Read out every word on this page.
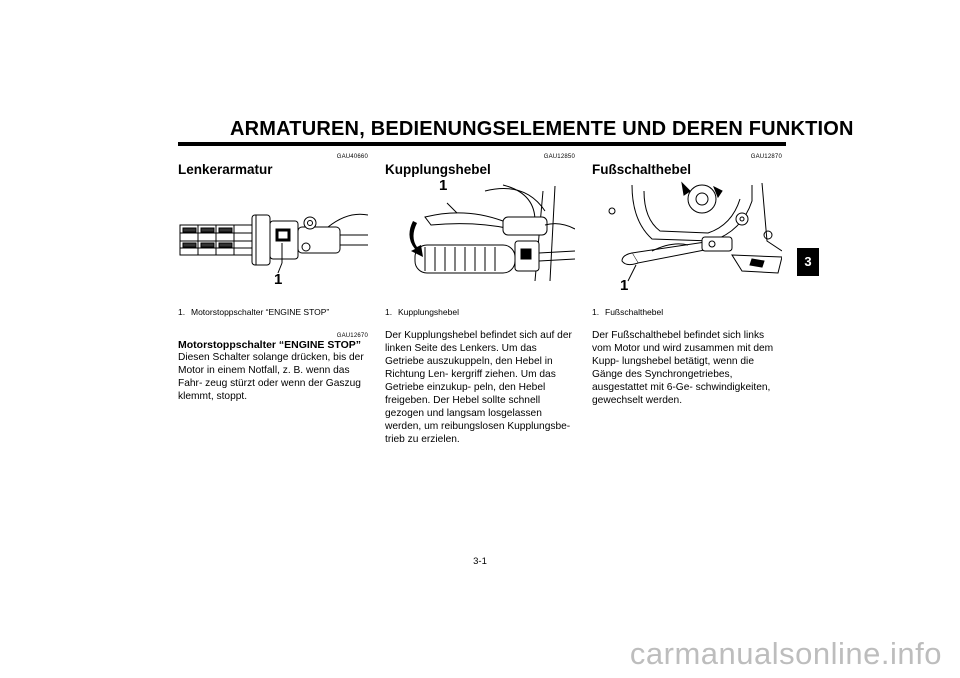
ARMATUREN, BEDIENUNGSELEMENTE UND DEREN FUNKTION
GAU40660
Lenkerarmatur
1
1. Motorstoppschalter “ENGINE STOP”
GAU12670
Motorstoppschalter “ENGINE STOP”
Diesen Schalter solange drücken, bis der Motor in einem Notfall, z. B. wenn das Fahr- zeug stürzt oder wenn der Gaszug klemmt, stoppt.
GAU12850
Kupplungshebel
1
1. Kupplungshebel
Der Kupplungshebel befindet sich auf der linken Seite des Lenkers. Um das Getriebe auszukuppeln, den Hebel in Richtung Len- kergriff ziehen. Um das Getriebe einzukup- peln, den Hebel freigeben. Der Hebel sollte schnell gezogen und langsam losgelassen werden, um reibungslosen Kupplungsbe- trieb zu erzielen.
GAU12870
Fußschalthebel
1
1. Fußschalthebel
Der Fußschalthebel befindet sich links vom Motor und wird zusammen mit dem Kupp- lungshebel betätigt, wenn die Gänge des Synchrongetriebes, ausgestattet mit 6-Ge- schwindigkeiten, gewechselt werden.
3
3-1
carmanualsonline.info
